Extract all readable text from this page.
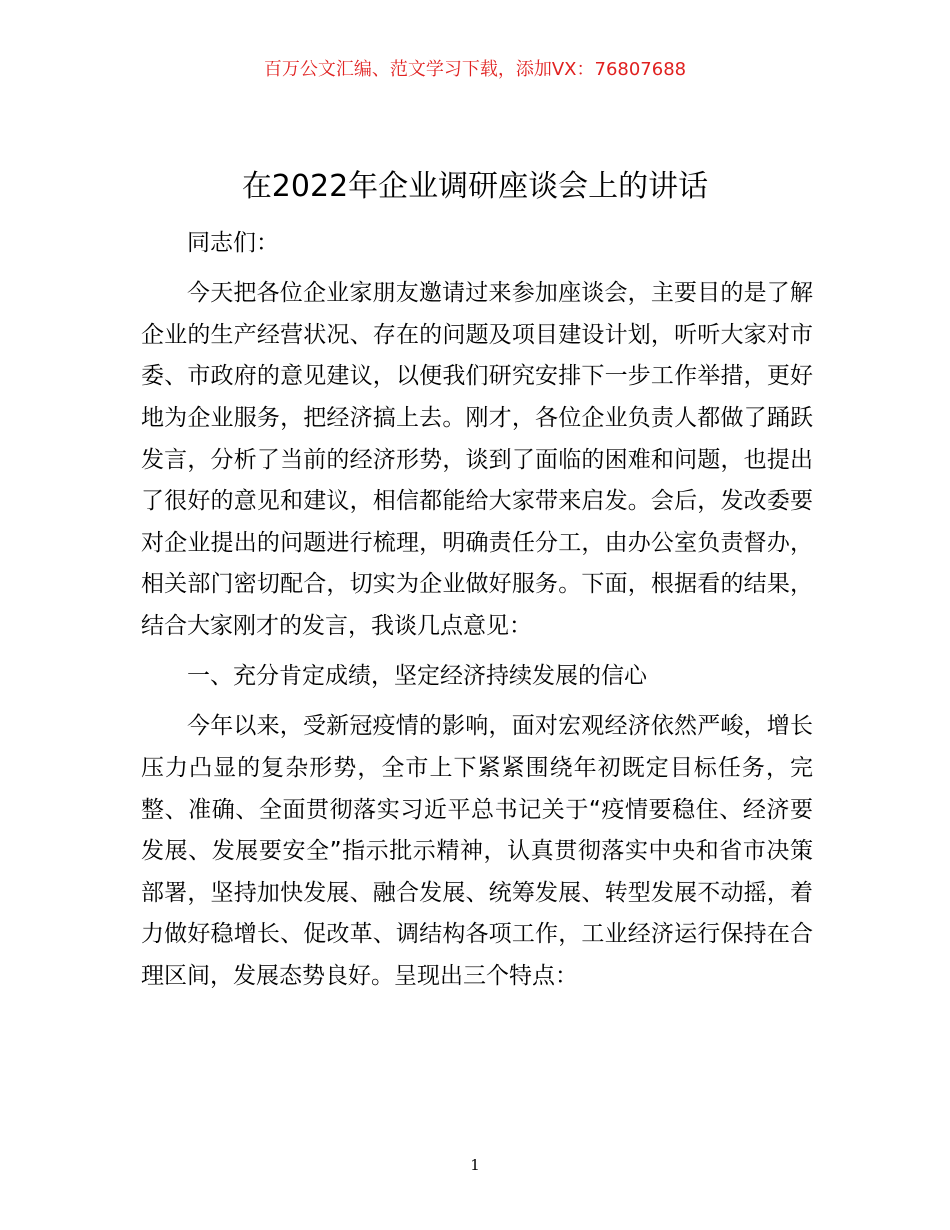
百万公文汇编、范文学习下载，添加VX：76807688
在2022年企业调研座谈会上的讲话

同志们：

今天把各位企业家朋友邀请过来参加座谈会，主要目的是了解企业的生产经营状况、存在的问题及项目建设计划，听听大家对市委、市政府的意见建议，以便我们研究安排下一步工作举措，更好地为企业服务，把经济搞上去。刚才，各位企业负责人都做了踊跃发言，分析了当前的经济形势，谈到了面临的困难和问题，也提出了很好的意见和建议，相信都能给大家带来启发。会后，发改委要对企业提出的问题进行梳理，明确责任分工，由办公室负责督办，相关部门密切配合，切实为企业做好服务。下面，根据看的结果，结合大家刚才的发言，我谈几点意见：

一、充分肯定成绩，坚定经济持续发展的信心

今年以来，受新冠疫情的影响，面对宏观经济依然严峻，增长压力凸显的复杂形势，全市上下紧紧围绕年初既定目标任务，完整、准确、全面贯彻落实习近平总书记关于“疫情要稳住、经济要发展、发展要安全”指示批示精神，认真贯彻落实中央和省市决策部署，坚持加快发展、融合发展、统筹发展、转型发展不动摇，着力做好稳增长、促改革、调结构各项工作，工业经济运行保持在合理区间，发展态势良好。呈现出三个特点：

1
